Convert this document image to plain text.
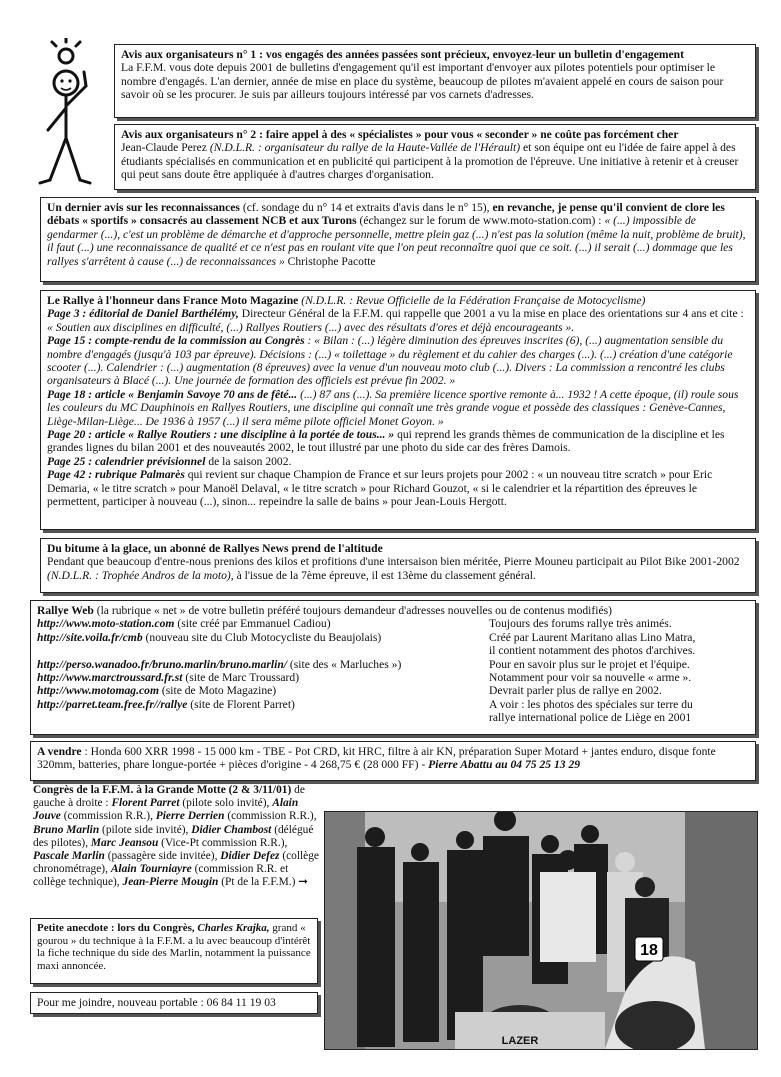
Avis aux organisateurs n° 1 : vos engagés des années passées sont précieux, envoyez-leur un bulletin d'engagement

La F.F.M. vous dote depuis 2001 de bulletins d'engagement qu'il est important d'envoyer aux pilotes potentiels pour optimiser le nombre d'engagés. L'an dernier, année de mise en place du système, beaucoup de pilotes m'avaient appelé en cours de saison pour savoir où se les procurer. Je suis par ailleurs toujours intéressé par vos carnets d'adresses.

Avis aux organisateurs n° 2 : faire appel à des « spécialistes » pour vous « seconder » ne coûte pas forcément cher

Jean-Claude Perez (N.D.L.R. : organisateur du rallye de la Haute-Vallée de l'Hérault) et son équipe ont eu l'idée de faire appel à des étudiants spécialisés en communication et en publicité qui participent à la promotion de l'épreuve. Une initiative à retenir et à creuser qui peut sans doute être appliquée à d'autres charges d'organisation.

Un dernier avis sur les reconnaissances (cf. sondage du n° 14 et extraits d'avis dans le n° 15), en revanche, je pense qu'il convient de clore les débats « sportifs » consacrés au classement NCB et aux Turons (échangez sur le forum de www.moto-station.com) : « (...) impossible de gendarmer (...), c'est un problème de démarche et d'approche personnelle, mettre plein gaz (...) n'est pas la solution (même la nuit, problème de bruit), il faut (...) une reconnaissance de qualité et ce n'est pas en roulant vite que l'on peut reconnaître quoi que ce soit. (...) il serait (...) dommage que les rallyes s'arrêtent à cause (...) de reconnaissances » Christophe Pacotte

Le Rallye à l'honneur dans France Moto Magazine (N.D.L.R. : Revue Officielle de la Fédération Française de Motocyclisme)

Page 3 : éditorial de Daniel Barthélémy, Directeur Général de la F.F.M. qui rappelle que 2001 a vu la mise en place des orientations sur 4 ans et cite : « Soutien aux disciplines en difficulté, (...) Rallyes Routiers (...) avec des résultats d'ores et déjà encourageants ».

Page 15 : compte-rendu de la commission au Congrès : « Bilan : (...) légère diminution des épreuves inscrites (6), (...) augmentation sensible du nombre d'engagés (jusqu'à 103 par épreuve). Décisions : (...) « toilettage » du règlement et du cahier des charges (...). (...) création d'une catégorie scooter (...). Calendrier : (...) augmentation (8 épreuves) avec la venue d'un nouveau moto club (...). Divers : La commission a rencontré les clubs organisateurs à Blacé (...). Une journée de formation des officiels est prévue fin 2002. »

Page 18 : article « Benjamin Savoye 70 ans de fêté... (...) 87 ans (...). Sa première licence sportive remonte à... 1932 ! A cette époque, (il) roule sous les couleurs du MC Dauphinois en Rallyes Routiers, une discipline qui connaît une très grande vogue et possède des classiques : Genève-Cannes, Liège-Milan-Liège... De 1936 à 1957 (...) il sera même pilote officiel Monet Goyon. »

Page 20 : article « Rallye Routiers : une discipline à la portée de tous... » qui reprend les grands thèmes de communication de la discipline et les grandes lignes du bilan 2001 et des nouveautés 2002, le tout illustré par une photo du side car des frères Damois.

Page 25 : calendrier prévisionnel de la saison 2002.

Page 42 : rubrique Palmarès qui revient sur chaque Champion de France et sur leurs projets pour 2002 : « un nouveau titre scratch » pour Eric Demaria, « le titre scratch » pour Manoël Delaval, « le titre scratch » pour Richard Gouzot, « si le calendrier et la répartition des épreuves le permettent, participer à nouveau (...), sinon... repeindre la salle de bains » pour Jean-Louis Hergott.

Du bitume à la glace, un abonné de Rallyes News prend de l'altitude

Pendant que beaucoup d'entre-nous prenions des kilos et profitions d'une intersaison bien méritée, Pierre Mouneu participait au Pilot Bike 2001-2002 (N.D.L.R. : Trophée Andros de la moto), à l'issue de la 7ème épreuve, il est 13ème du classement général.

Rallye Web (la rubrique « net » de votre bulletin préféré toujours demandeur d'adresses nouvelles ou de contenus modifiés)

http://www.moto-station.com (site créé par Emmanuel Cadiou)

http://site.voila.fr/cmb (nouveau site du Club Motocycliste du Beaujolais)

http://perso.wanadoo.fr/bruno.marlin/bruno.marlin/ (site des « Marluches »)

http://www.marctroussard.fr.st (site de Marc Troussard)

http://www.motomag.com (site de Moto Magazine)

http://parret.team.free.fr//rallye (site de Florent Parret)

Toujours des forums rallye très animés.

Créé par Laurent Maritano alias Lino Matra,

il contient notamment des photos d'archives.

Pour en savoir plus sur le projet et l'équipe.

Notamment pour voir sa nouvelle « arme ».

Devrait parler plus de rallye en 2002.

A voir : les photos des spéciales sur terre du

rallye international police de Liège en 2001

A vendre : Honda 600 XRR 1998 - 15 000 km - TBE - Pot CRD, kit HRC, filtre à air KN, préparation Super Motard + jantes enduro, disque fonte 320mm, batteries, phare longue-portée + pièces d'origine - 4 268,75 € (28 000 FF) - Pierre Abattu au 04 75 25 13 29

Congrès de la F.F.M. à la Grande Motte (2 & 3/11/01) de gauche à droite : Florent Parret (pilote solo invité), Alain Jouve (commission R.R.), Pierre Derrien (commission R.R.), Bruno Marlin (pilote side invité), Didier Chambost (délégué des pilotes), Marc Jeansou (Vice-Pt commission R.R.), Pascale Marlin (passagère side invitée), Didier Defez (collège chronométrage), Alain Tourniayre (commission R.R. et collège technique), Jean-Pierre Mougin (Pt de la F.F.M.) ➞

Petite anecdote : lors du Congrès, Charles Krajka, grand « gourou » du technique à la F.F.M. a lu avec beaucoup d'intérêt la fiche technique du side des Marlin, notamment la puissance maxi annoncée.

Pour me joindre, nouveau portable : 06 84 11 19 03

18
LAZER
